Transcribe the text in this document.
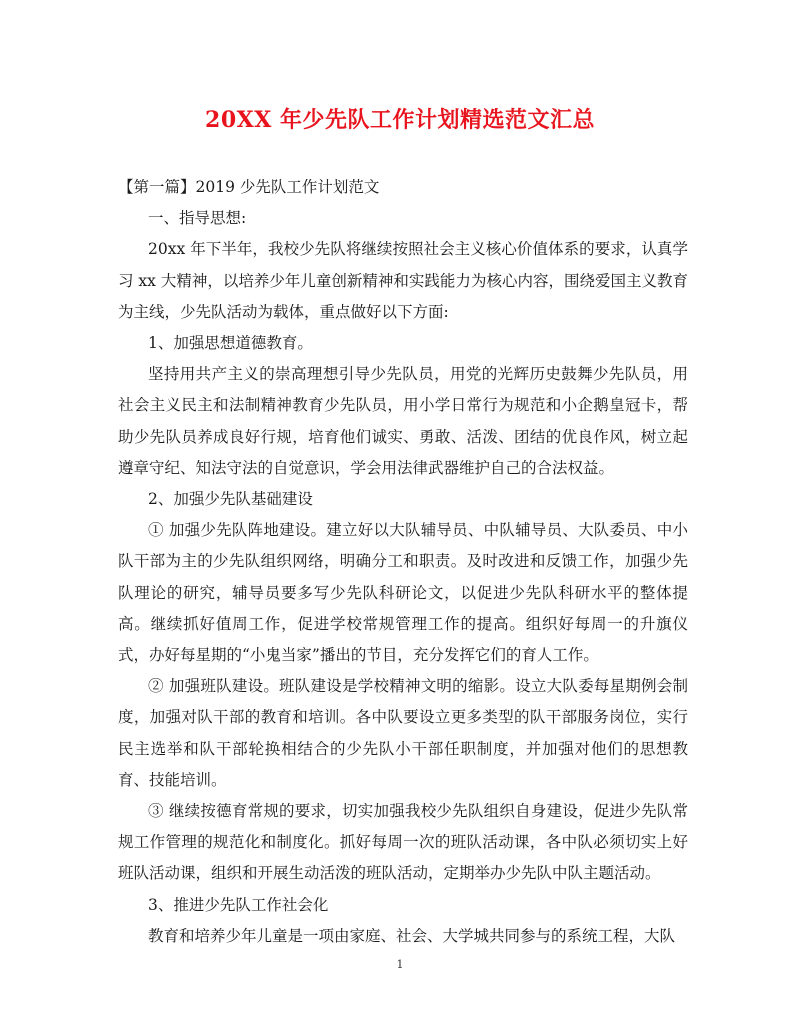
20XX 年少先队工作计划精选范文汇总

【第一篇】2019 少先队工作计划范文

一、指导思想:

20xx 年下半年，我校少先队将继续按照社会主义核心价值体系的要求，认真学习 xx 大精神，以培养少年儿童创新精神和实践能力为核心内容，围绕爱国主义教育为主线，少先队活动为载体，重点做好以下方面:

1、加强思想道德教育。

坚持用共产主义的崇高理想引导少先队员，用党的光辉历史鼓舞少先队员，用社会主义民主和法制精神教育少先队员，用小学日常行为规范和小企鹅皇冠卡，帮助少先队员养成良好行规，培育他们诚实、勇敢、活泼、团结的优良作风，树立起遵章守纪、知法守法的自觉意识，学会用法律武器维护自己的合法权益。

2、加强少先队基础建设

① 加强少先队阵地建设。建立好以大队辅导员、中队辅导员、大队委员、中小队干部为主的少先队组织网络，明确分工和职责。及时改进和反馈工作，加强少先队理论的研究，辅导员要多写少先队科研论文，以促进少先队科研水平的整体提高。继续抓好值周工作，促进学校常规管理工作的提高。组织好每周一的升旗仪式，办好每星期的“小鬼当家”播出的节目，充分发挥它们的育人工作。

② 加强班队建设。班队建设是学校精神文明的缩影。设立大队委每星期例会制度，加强对队干部的教育和培训。各中队要设立更多类型的队干部服务岗位，实行民主选举和队干部轮换相结合的少先队小干部任职制度，并加强对他们的思想教育、技能培训。

③ 继续按德育常规的要求，切实加强我校少先队组织自身建设，促进少先队常规工作管理的规范化和制度化。抓好每周一次的班队活动课，各中队必须切实上好班队活动课，组织和开展生动活泼的班队活动，定期举办少先队中队主题活动。

3、推进少先队工作社会化

教育和培养少年儿童是一项由家庭、社会、大学城共同参与的系统工程，大队

1
